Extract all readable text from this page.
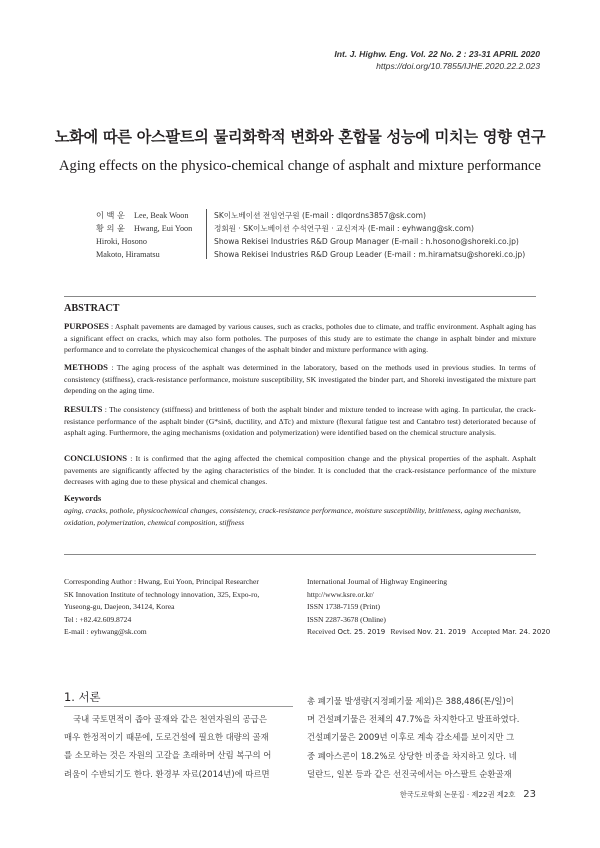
Int. J. Highw. Eng. Vol. 22 No. 2 : 23-31 APRIL 2020
https://doi.org/10.7855/IJHE.2020.22.2.023
노화에 따른 아스팔트의 물리화학적 변화와 혼합물 성능에 미치는 영향 연구
Aging effects on the physico-chemical change of asphalt and mixture performance
이 백 운 Lee, Beak Woon
황 의 윤 Hwang, Eui Yoon
Hiroki, Hosono
Makoto, Hiramatsu
SK이노베이션 전임연구원 (E-mail : dlqordns3857@sk.com)
정회원 · SK이노베이션 수석연구원 · 교신저자 (E-mail : eyhwang@sk.com)
Showa Rekisei Industries R&D Group Manager (E-mail : h.hosono@shoreki.co.jp)
Showa Rekisei Industries R&D Group Leader (E-mail : m.hiramatsu@shoreki.co.jp)
ABSTRACT
PURPOSES : Asphalt pavements are damaged by various causes, such as cracks, potholes due to climate, and traffic environment. Asphalt aging has a significant effect on cracks, which may also form potholes. The purposes of this study are to estimate the change in asphalt binder and mixture performance and to correlate the physicochemical changes of the asphalt binder and mixture performance with aging.
METHODS : The aging process of the asphalt was determined in the laboratory, based on the methods used in previous studies. In terms of consistency (stiffness), crack-resistance performance, moisture susceptibility, SK investigated the binder part, and Shoreki investigated the mixture part depending on the aging time.
RESULTS : The consistency (stiffness) and brittleness of both the asphalt binder and mixture tended to increase with aging. In particular, the crack-resistance performance of the asphalt binder (G*sinδ, ductility, and ΔTc) and mixture (flexural fatigue test and Cantabro test) deteriorated because of asphalt aging. Furthermore, the aging mechanisms (oxidation and polymerization) were identified based on the chemical structure analysis.
CONCLUSIONS : It is confirmed that the aging affected the chemical composition change and the physical properties of the asphalt. Asphalt pavements are significantly affected by the aging characteristics of the binder. It is concluded that the crack-resistance performance of the mixture decreases with aging due to these physical and chemical changes.
Keywords
aging, cracks, pothole, physicochemical changes, consistency, crack-resistance performance, moisture susceptibility, brittleness, aging mechanism, oxidation, polymerization, chemical composition, stiffness
Corresponding Author : Hwang, Eui Yoon, Principal Researcher
SK Innovation Institute of technology innovation, 325, Expo-ro,
Yuseong-gu, Daejeon, 34124, Korea
Tel : +82.42.609.8724
E-mail : eyhwang@sk.com
International Journal of Highway Engineering
http://www.ksre.or.kr/
ISSN 1738-7159 (Print)
ISSN 2287-3678 (Online)
Received Oct. 25. 2019 Revised Nov. 21. 2019 Accepted Mar. 24. 2020
1. 서론
국내 국토면적이 좁아 골재와 같은 천연자원의 공급은
매우 한정적이기 때문에, 도로건설에 필요한 대량의 골재
를 소모하는 것은 자원의 고갈을 초래하며 산림 복구의 어
려움이 수반되기도 한다. 환경부 자료(2014년)에 따르면
총 폐기물 발생량(지정폐기물 제외)은 388,486(톤/일)이
며 건설폐기물은 전체의 47.7%을 차지한다고 발표하였다.
건설폐기물은 2009년 이후로 계속 감소세를 보이지만 그
중 폐아스콘이 18.2%로 상당한 비중을 차지하고 있다. 네
덜란드, 일본 등과 같은 선진국에서는 아스팔트 순환골재
한국도로학회 논문집 · 제22권 제2호 23
